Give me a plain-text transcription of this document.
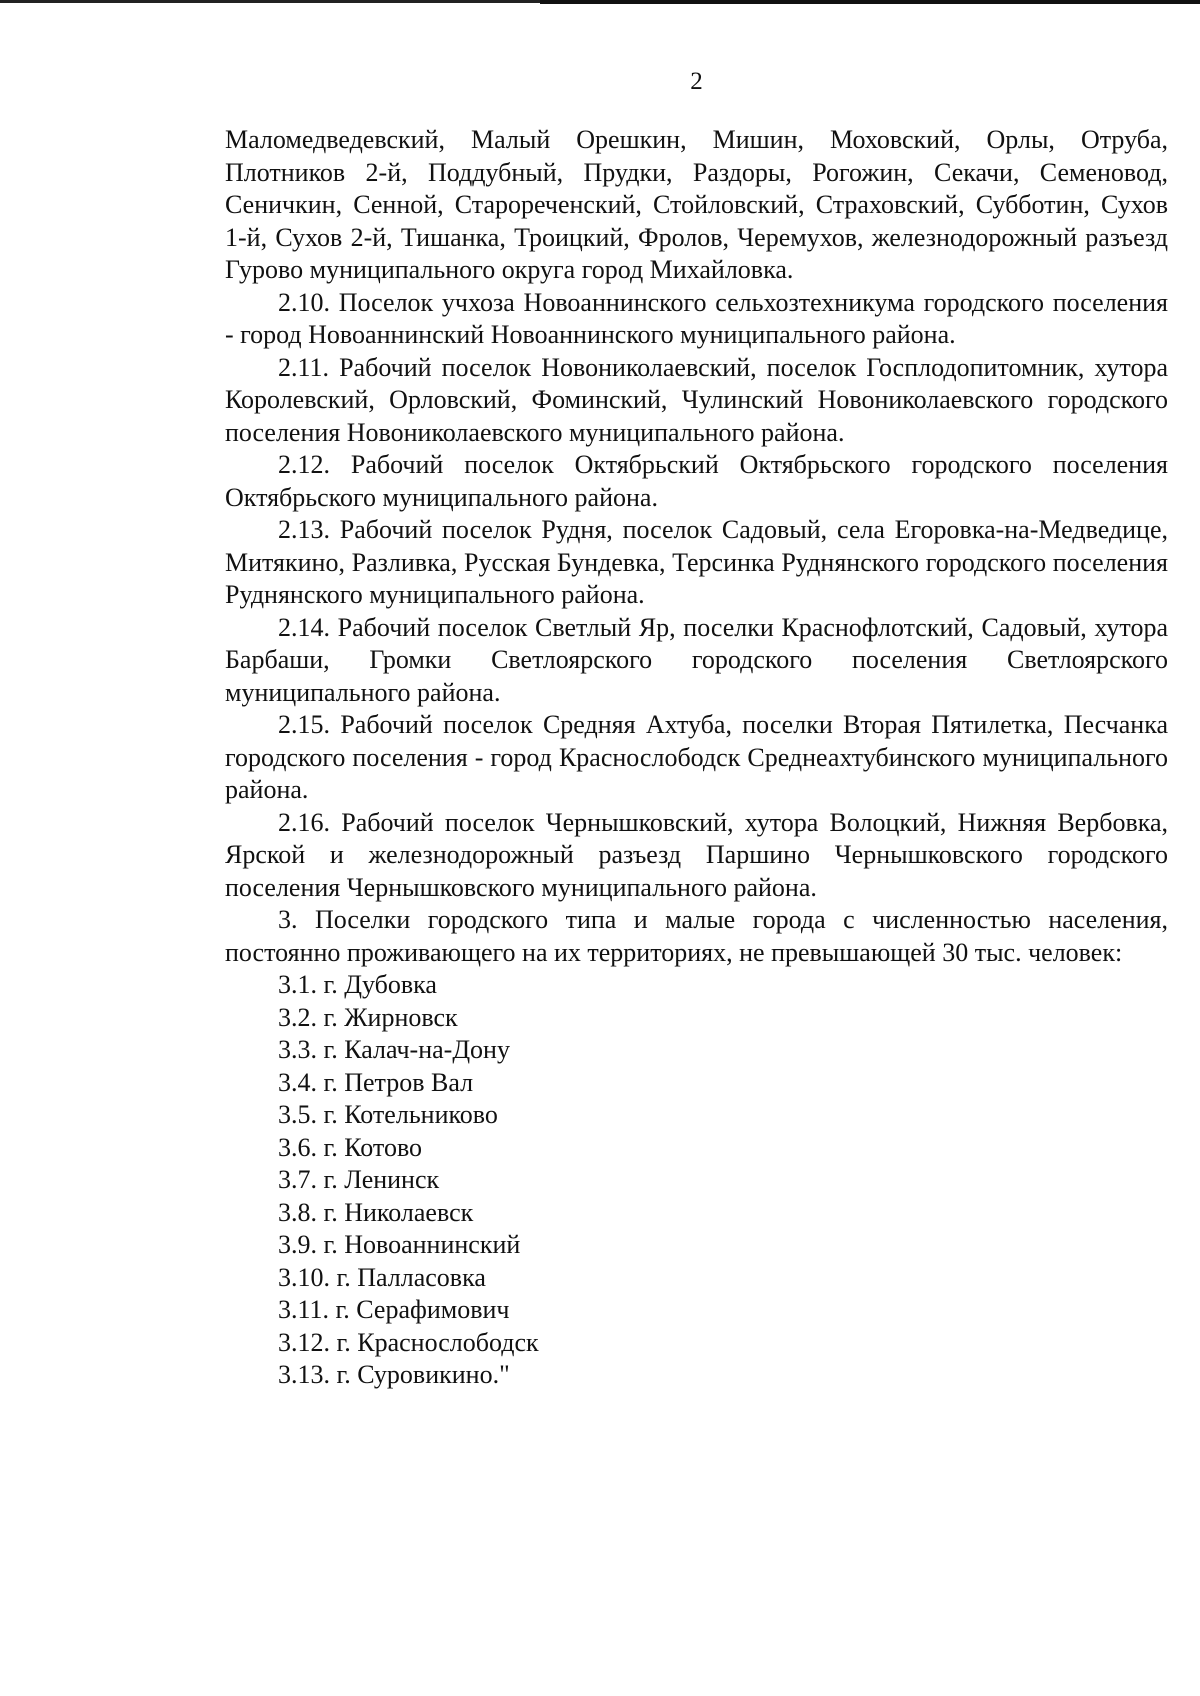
2

Маломедведевский, Малый Орешкин, Мишин, Моховский, Орлы, Отруба, Плотников 2-й, Поддубный, Прудки, Раздоры, Рогожин, Секачи, Семеновод, Сеничкин, Сенной, Старореченский, Стойловский, Страховский, Субботин, Сухов 1-й, Сухов 2-й, Тишанка, Троицкий, Фролов, Черемухов, железнодорожный разъезд Гурово муниципального округа город Михайловка.

2.10. Поселок учхоза Новоаннинского сельхозтехникума городского поселения - город Новоаннинский Новоаннинского муниципального района.

2.11. Рабочий поселок Новониколаевский, поселок Госплодопитомник, хутора Королевский, Орловский, Фоминский, Чулинский Новониколаевского городского поселения Новониколаевского муниципального района.

2.12. Рабочий поселок Октябрьский Октябрьского городского поселения Октябрьского муниципального района.

2.13. Рабочий поселок Рудня, поселок Садовый, села Егоровка-на-Медведице, Митякино, Разливка, Русская Бундевка, Терсинка Руднянского городского поселения Руднянского муниципального района.

2.14. Рабочий поселок Светлый Яр, поселки Краснофлотский, Садовый, хутора Барбаши, Громки Светлоярского городского поселения Светлоярского муниципального района.

2.15. Рабочий поселок Средняя Ахтуба, поселки Вторая Пятилетка, Песчанка городского поселения - город Краснослободск Среднеахтубинского муниципального района.

2.16. Рабочий поселок Чернышковский, хутора Волоцкий, Нижняя Вербовка, Ярской и железнодорожный разъезд Паршино Чернышковского городского поселения Чернышковского муниципального района.

3. Поселки городского типа и малые города с численностью населения, постоянно проживающего на их территориях, не превышающей 30 тыс. человек:

3.1. г. Дубовка
3.2. г. Жирновск
3.3. г. Калач-на-Дону
3.4. г. Петров Вал
3.5. г. Котельниково
3.6. г. Котово
3.7. г. Ленинск
3.8. г. Николаевск
3.9. г. Новоаннинский
3.10. г. Палласовка
3.11. г. Серафимович
3.12. г. Краснослободск
3.13. г. Суровикино."
